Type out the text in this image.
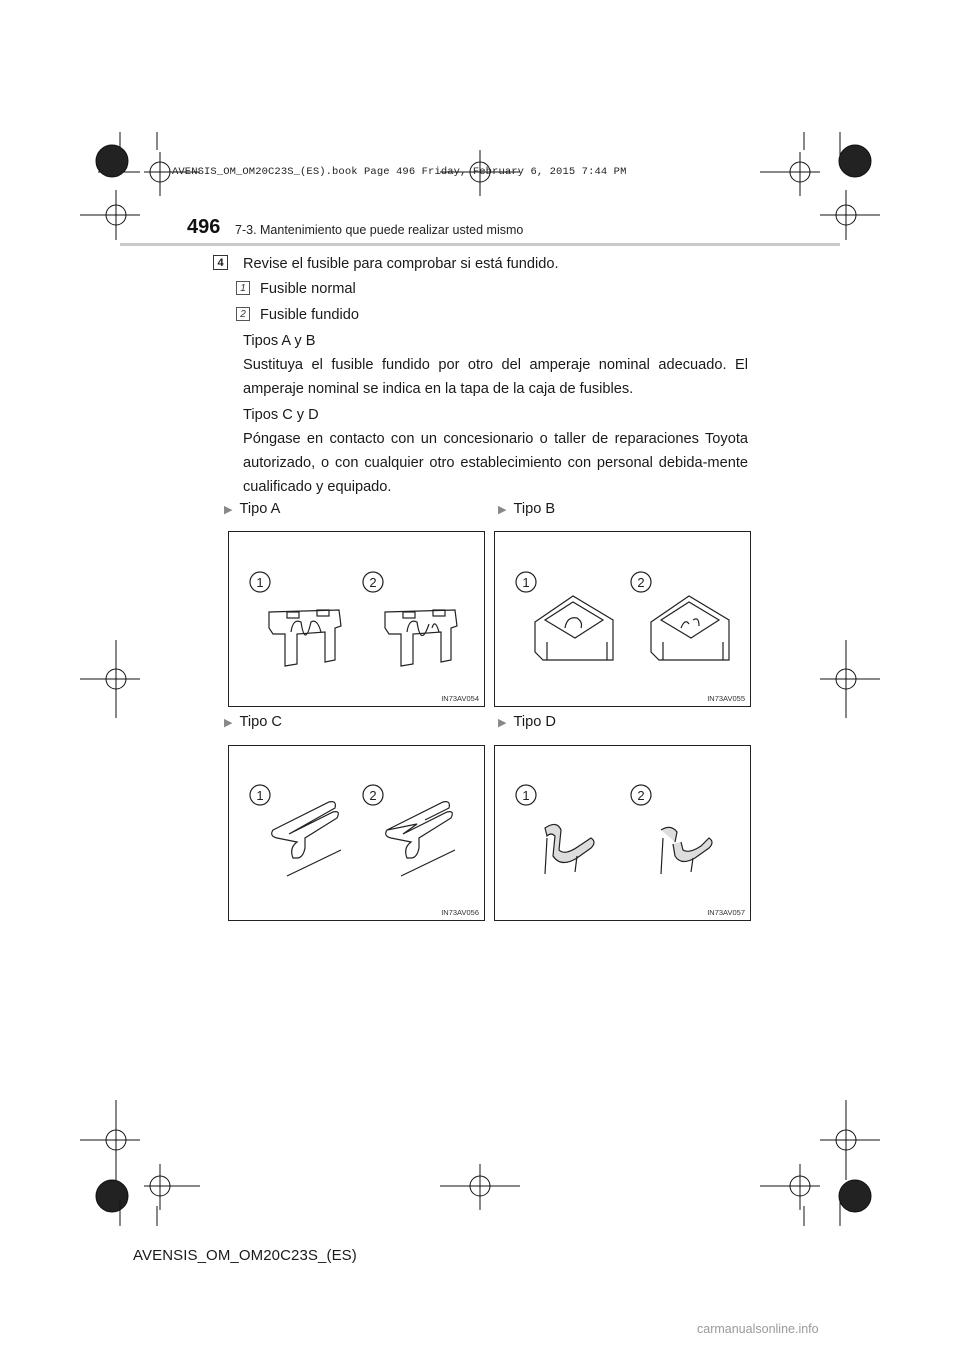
AVENSIS_OM_OM20C23S_(ES).book Page 496 Friday, February 6, 2015 7:44 PM
496 7-3. Mantenimiento que puede realizar usted mismo
4	Revise el fusible para comprobar si está fundido.
1 Fusible normal
2 Fusible fundido
Tipos A y B
Sustituya el fusible fundido por otro del amperaje nominal adecuado. El amperaje nominal se indica en la tapa de la caja de fusibles.
Tipos C y D
Póngase en contacto con un concesionario o taller de reparaciones Toyota autorizado, o con cualquier otro establecimiento con personal debida-mente cualificado y equipado.
▶ Tipo A	▶ Tipo B
▶ Tipo C	▶ Tipo D
1	2
IN73AV054
1	2
IN73AV055
1	2
IN73AV056
1	2
IN73AV057
AVENSIS_OM_OM20C23S_(ES)
carmanualsonline.info
